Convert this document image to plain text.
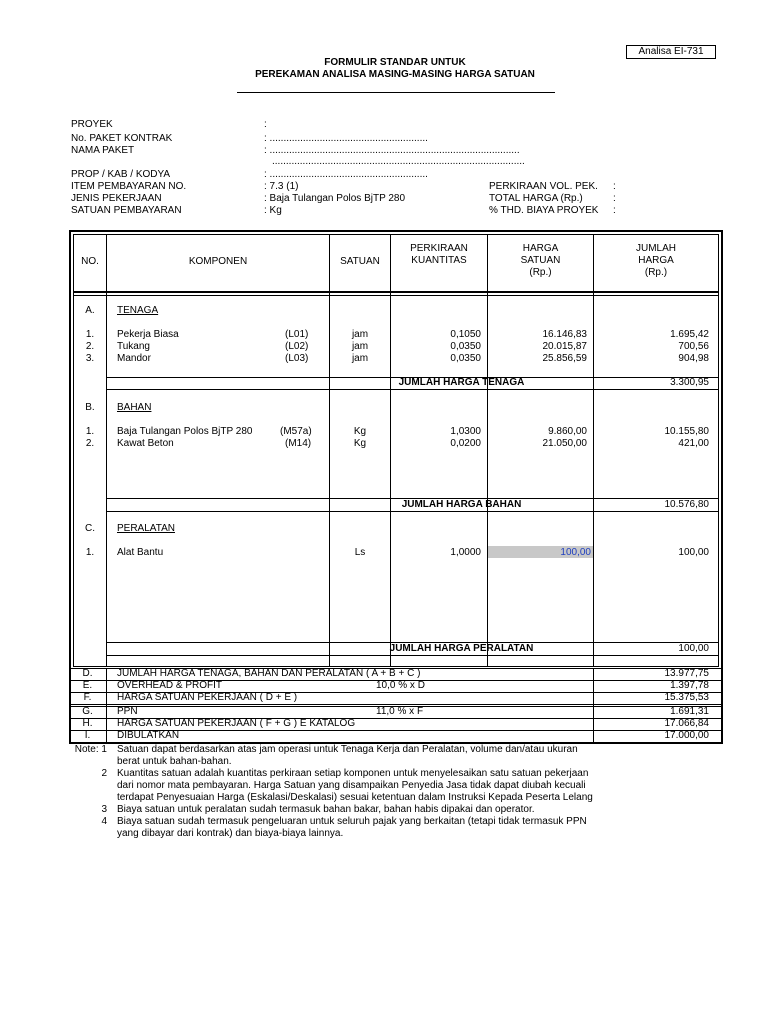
Analisa EI-731
FORMULIR STANDAR UNTUK
PEREKAMAN ANALISA MASING-MASING HARGA SATUAN
PROYEK	:
No. PAKET KONTRAK	: .........................................................
NAMA PAKET	: ..........................................................................................
...........................................................................................
PROP / KAB / KODYA	: .........................................................
ITEM PEMBAYARAN NO.	: 7.3 (1)
JENIS PEKERJAAN	: Baja Tulangan Polos BjTP 280
SATUAN PEMBAYARAN	: Kg
PERKIRAAN VOL. PEK. :
TOTAL HARGA (Rp.)	:
% THD. BIAYA PROYEK :
NO.	KOMPONEN	SATUAN
PERKIRAAN
KUANTITAS
HARGA
SATUAN
(Rp.)
JUMLAH
HARGA
(Rp.)
A.	TENAGA
1.	Pekerja Biasa	(L01)	jam	0,1050	16.146,83	1.695,42
2.	Tukang	(L02)	jam	0,0350	20.015,87	700,56
3.	Mandor	(L03)	jam	0,0350	25.856,59	904,98
JUMLAH HARGA TENAGA	3.300,95
B.	BAHAN
1.	Baja Tulangan Polos BjTP 280	(M57a)	Kg	1,0300	9.860,00	10.155,80
2.	Kawat Beton	(M14)	Kg	0,0200	21.050,00	421,00
JUMLAH HARGA BAHAN	10.576,80
C.	PERALATAN
1.	Alat Bantu	Ls	1,0000	100,00	100,00
JUMLAH HARGA PERALATAN	100,00
D.	JUMLAH HARGA TENAGA, BAHAN DAN PERALATAN ( A + B + C )	13.977,75
E.	OVERHEAD & PROFIT	10,0 % x D	1.397,78
F.	HARGA SATUAN PEKERJAAN ( D + E )	15.375,53
G.	PPN	11,0 % x F	1.691,31
H.	HARGA SATUAN PEKERJAAN ( F + G ) E KATALOG	17.066,84
I.	DIBULATKAN	17.000,00
Note: 1 Satuan dapat berdasarkan atas jam operasi untuk Tenaga Kerja dan Peralatan, volume dan/atau ukuran
berat untuk bahan-bahan.
2 Kuantitas satuan adalah kuantitas perkiraan setiap komponen untuk menyelesaikan satu satuan pekerjaan
dari nomor mata pembayaran. Harga Satuan yang disampaikan Penyedia Jasa tidak dapat diubah kecuali
terdapat Penyesuaian Harga (Eskalasi/Deskalasi) sesuai ketentuan dalam Instruksi Kepada Peserta Lelang
3 Biaya satuan untuk peralatan sudah termasuk bahan bakar, bahan habis dipakai dan operator.
4 Biaya satuan sudah termasuk pengeluaran untuk seluruh pajak yang berkaitan (tetapi tidak termasuk PPN
yang dibayar dari kontrak) dan biaya-biaya lainnya.
